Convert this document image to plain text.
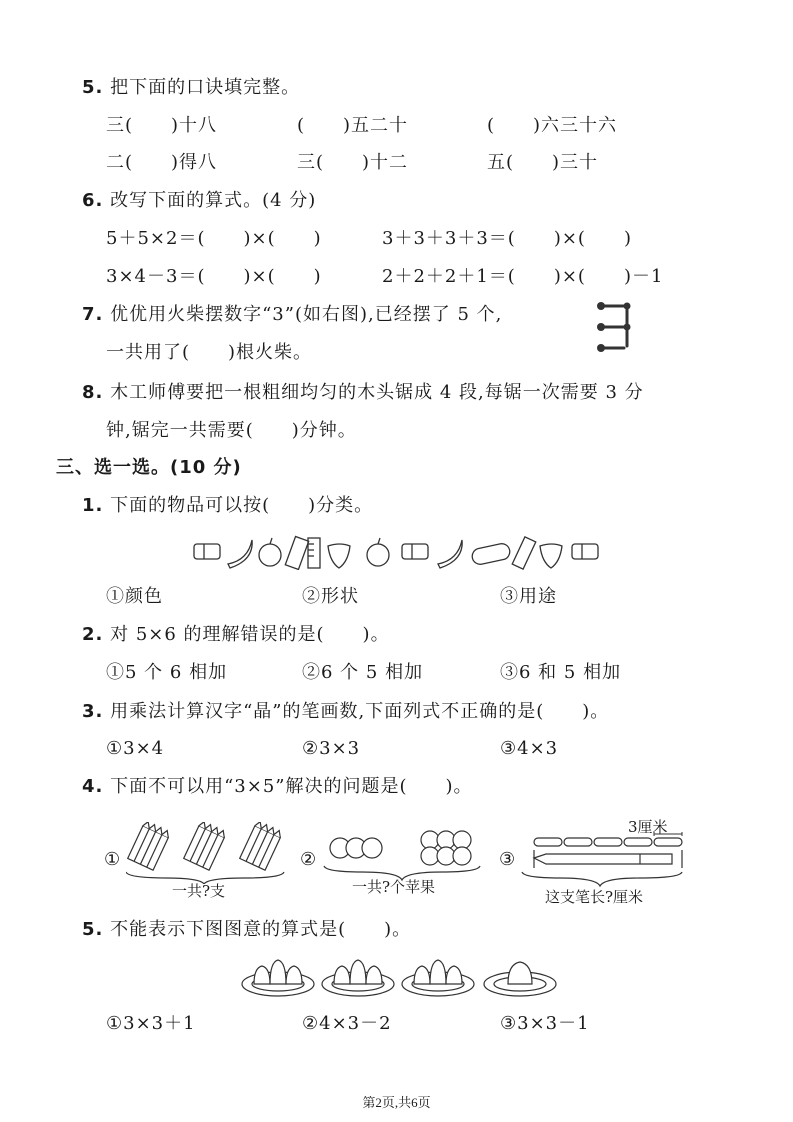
5. 把下面的口诀填完整。
三(　　)十八	(　　)五二十	(　　)六三十六
二(　　)得八	三(　　)十二	五(　　)三十
6. 改写下面的算式。(4 分)
5＋5×2＝(　　)×(　　)	3＋3＋3＋3＝(　　)×(　　)
3×4－3＝(　　)×(　　)	2＋2＋2＋1＝(　　)×(　　)－1
7. 优优用火柴摆数字“3”(如右图),已经摆了 5 个,
一共用了(　　)根火柴。
8. 木工师傅要把一根粗细均匀的木头锯成 4 段,每锯一次需要 3 分
钟,锯完一共需要(　　)分钟。
三、选一选。(10 分)
1. 下面的物品可以按(　　)分类。
①颜色	②形状	③用途
2. 对 5×6 的理解错误的是(　　)。
①5 个 6 相加	②6 个 5 相加	③6 和 5 相加
3. 用乘法计算汉字“晶”的笔画数,下面列式不正确的是(　　)。
①3×4	②3×3	③4×3
4. 下面不可以用“3×5”解决的问题是(　　)。
①
一共?支
②
一共?个苹果
③
3厘米
这支笔长?厘米
5. 不能表示下图图意的算式是(　　)。
①3×3＋1	②4×3－2	③3×3－1
第2页,共6页
